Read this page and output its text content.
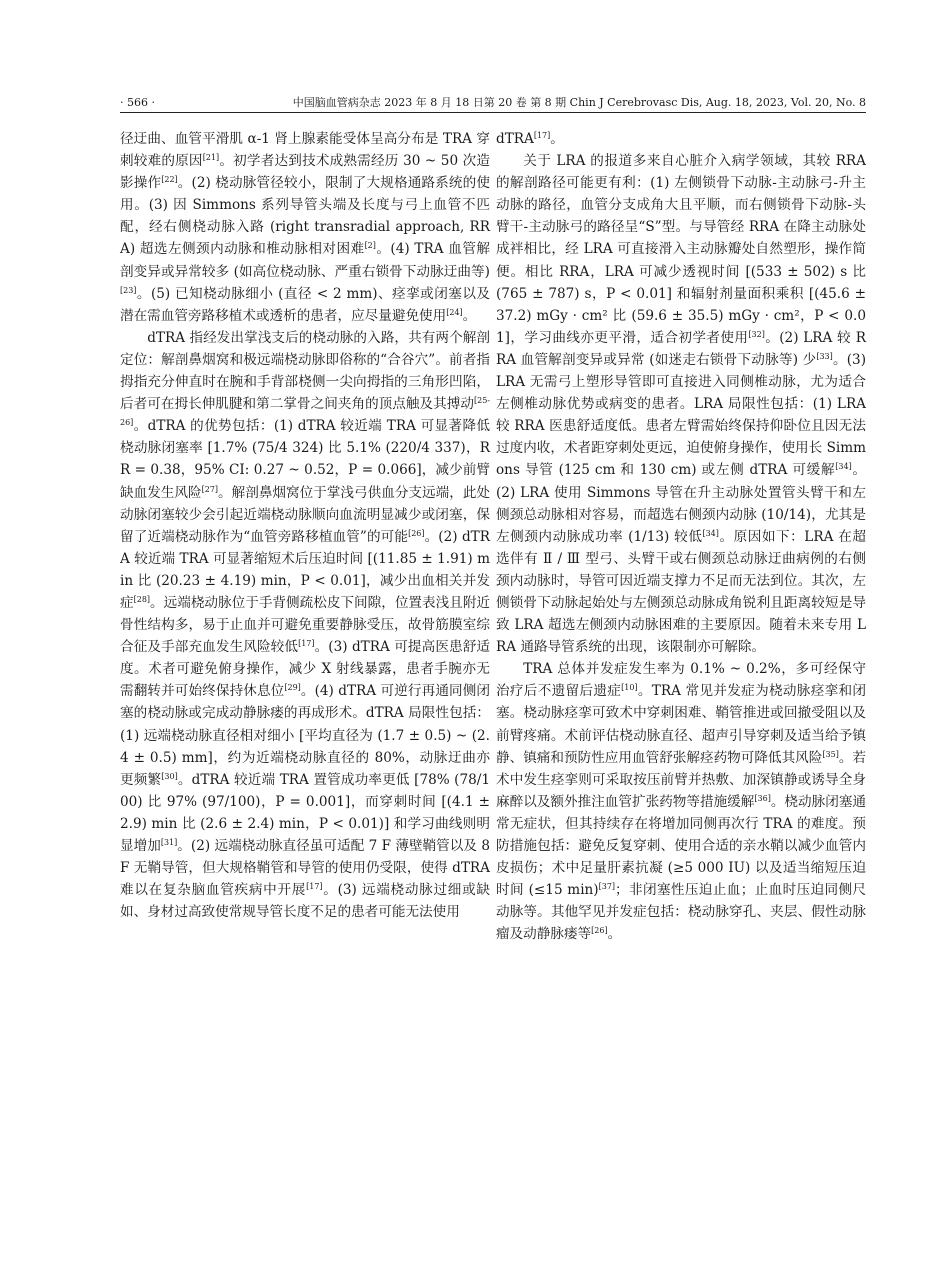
· 566 ·	中国脑血管病杂志 2023 年 8 月 18 日第 20 卷 第 8 期 Chin J Cerebrovasc Dis, Aug. 18, 2023, Vol. 20, No. 8

径迂曲、血管平滑肌 α-1 肾上腺素能受体呈高分布是 TRA 穿刺较难的原因[21]。初学者达到技术成熟需经历 30 ~ 50 次造影操作[22]。(2) 桡动脉管径较小，限制了大规格通路系统的使用。(3) 因 Simmons 系列导管头端及长度与弓上血管不匹配，经右侧桡动脉入路 (right transradial approach, RRA) 超选左侧颈内动脉和椎动脉相对困难[2]。(4) TRA 血管解剖变异或异常较多 (如高位桡动脉、严重右锁骨下动脉迂曲等)[23]。(5) 已知桡动脉细小 (直径 < 2 mm)、痉挛或闭塞以及潜在需血管旁路移植术或透析的患者，应尽量避免使用[24]。

dTRA 指经发出掌浅支后的桡动脉的入路，共有两个解剖定位：解剖鼻烟窝和极远端桡动脉即俗称的“合谷穴”。前者指拇指充分伸直时在腕和手背部桡侧一尖向拇指的三角形凹陷，后者可在拇长伸肌腱和第二掌骨之间夹角的顶点触及其搏动[25-26]。dTRA 的优势包括：(1) dTRA 较近端 TRA 可显著降低桡动脉闭塞率 [1.7% (75/4 324) 比 5.1% (220/4 337)，RR = 0.38，95% CI: 0.27 ~ 0.52，P = 0.066]，减少前臂缺血发生风险[27]。解剖鼻烟窝位于掌浅弓供血分支远端，此处动脉闭塞较少会引起近端桡动脉顺向血流明显减少或闭塞，保留了近端桡动脉作为“血管旁路移植血管”的可能[26]。(2) dTRA 较近端 TRA 可显著缩短术后压迫时间 [(11.85 ± 1.91) min 比 (20.23 ± 4.19) min，P < 0.01]，减少出血相关并发症[28]。远端桡动脉位于手背侧疏松皮下间隙，位置表浅且附近骨性结构多，易于止血并可避免重要静脉受压，故骨筋膜室综合征及手部充血发生风险较低[17]。(3) dTRA 可提高医患舒适度。术者可避免俯身操作，减少 X 射线暴露，患者手腕亦无需翻转并可始终保持休息位[29]。(4) dTRA 可逆行再通同侧闭塞的桡动脉或完成动静脉瘘的再成形术。dTRA 局限性包括：(1) 远端桡动脉直径相对细小 [平均直径为 (1.7 ± 0.5) ~ (2.4 ± 0.5) mm]，约为近端桡动脉直径的 80%，动脉迂曲亦更频繁[30]。dTRA 较近端 TRA 置管成功率更低 [78% (78/100) 比 97% (97/100)，P = 0.001]，而穿刺时间 [(4.1 ± 2.9) min 比 (2.6 ± 2.4) min，P < 0.01)] 和学习曲线则明显增加[31]。(2) 远端桡动脉直径虽可适配 7 F 薄壁鞘管以及 8 F 无鞘导管，但大规格鞘管和导管的使用仍受限，使得 dTRA 难以在复杂脑血管疾病中开展[17]。(3) 远端桡动脉过细或缺如、身材过高致使常规导管长度不足的患者可能无法使用

dTRA[17]。

关于 LRA 的报道多来自心脏介入病学领域，其较 RRA 的解剖路径可能更有利：(1) 左侧锁骨下动脉-主动脉弓-升主动脉的路径，血管分支成角大且平顺，而右侧锁骨下动脉-头臂干-主动脉弓的路径呈“S”型。与导管经 RRA 在降主动脉处成袢相比，经 LRA 可直接滑入主动脉瓣处自然塑形，操作简便。相比 RRA，LRA 可减少透视时间 [(533 ± 502) s 比 (765 ± 787) s，P < 0.01] 和辐射剂量面积乘积 [(45.6 ± 37.2) mGy · cm² 比 (59.6 ± 35.5) mGy · cm²，P < 0.01]，学习曲线亦更平滑，适合初学者使用[32]。(2) LRA 较 RRA 血管解剖变异或异常 (如迷走右锁骨下动脉等) 少[33]。(3) LRA 无需弓上塑形导管即可直接进入同侧椎动脉，尤为适合左侧椎动脉优势或病变的患者。LRA 局限性包括：(1) LRA 较 RRA 医患舒适度低。患者左臂需始终保持仰卧位且因无法过度内收，术者距穿刺处更远，迫使俯身操作，使用长 Simmons 导管 (125 cm 和 130 cm) 或左侧 dTRA 可缓解[34]。(2) LRA 使用 Simmons 导管在升主动脉处置管头臂干和左侧颈总动脉相对容易，而超选右侧颈内动脉 (10/14)，尤其是左侧颈内动脉成功率 (1/13) 较低[34]。原因如下：LRA 在超选伴有 Ⅱ / Ⅲ 型弓、头臂干或右侧颈总动脉迂曲病例的右侧颈内动脉时，导管可因近端支撑力不足而无法到位。其次，左侧锁骨下动脉起始处与左侧颈总动脉成角锐利且距离较短是导致 LRA 超选左侧颈内动脉困难的主要原因。随着未来专用 LRA 通路导管系统的出现，该限制亦可解除。

TRA 总体并发症发生率为 0.1% ~ 0.2%，多可经保守治疗后不遗留后遗症[10]。TRA 常见并发症为桡动脉痉挛和闭塞。桡动脉痉挛可致术中穿刺困难、鞘管推进或回撤受阻以及前臂疼痛。术前评估桡动脉直径、超声引导穿刺及适当给予镇静、镇痛和预防性应用血管舒张解痉药物可降低其风险[35]。若术中发生痉挛则可采取按压前臂并热敷、加深镇静或诱导全身麻醉以及额外推注血管扩张药物等措施缓解[36]。桡动脉闭塞通常无症状，但其持续存在将增加同侧再次行 TRA 的难度。预防措施包括：避免反复穿刺、使用合适的亲水鞘以减少血管内皮损伤；术中足量肝素抗凝 (≥5 000 IU) 以及适当缩短压迫时间 (≤15 min)[37]；非闭塞性压迫止血；止血时压迫同侧尺动脉等。其他罕见并发症包括：桡动脉穿孔、夹层、假性动脉瘤及动静脉瘘等[26]。
